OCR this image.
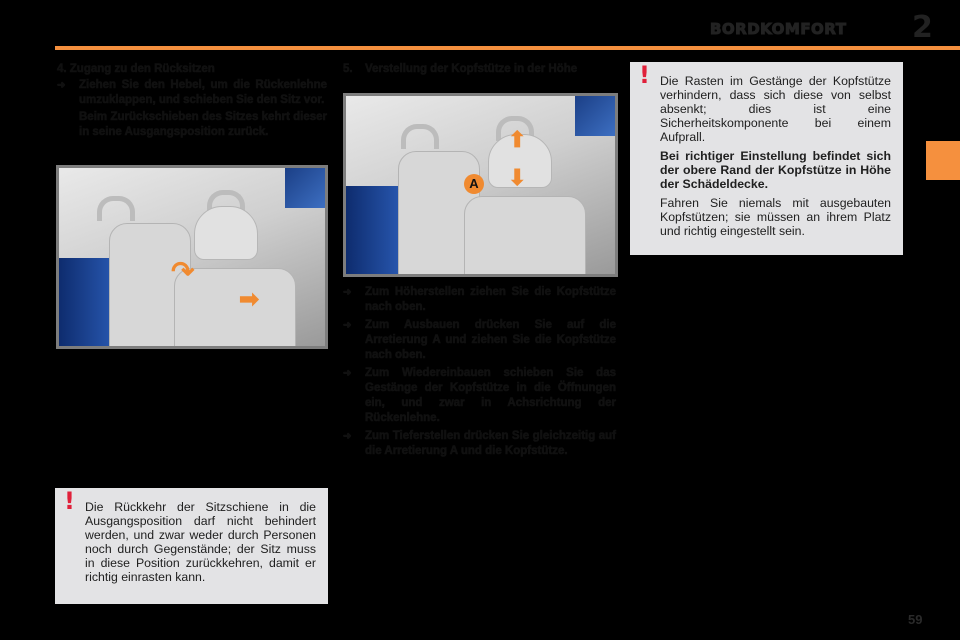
BORDKOMFORT 2
4. Zugang zu den Rücksitzen
➜ Ziehen Sie den Hebel, um die Rückenlehne umzuklappen, und schieben Sie den Sitz vor.
Beim Zurückschieben des Sitzes kehrt dieser in seine Ausgangsposition zurück.
↷
➡
5. Verstellung der Kopfstütze in der Höhe
⬆
⬇
A
➜ Zum Höherstellen ziehen Sie die Kopfstütze nach oben.
➜ Zum Ausbauen drücken Sie auf die Arretierung A und ziehen Sie die Kopfstütze nach oben.
➜ Zum Wiedereinbauen schieben Sie das Gestänge der Kopfstütze in die Öffnungen ein, und zwar in Achsrichtung der Rückenlehne.
➜ Zum Tieferstellen drücken Sie gleichzeitig auf die Arretierung A und die Kopfstütze.
! Die Rasten im Gestänge der Kopfstütze verhindern, dass sich diese von selbst absenkt; dies ist eine Sicherheitskomponente bei einem Aufprall.

Bei richtiger Einstellung befindet sich der obere Rand der Kopfstütze in Höhe der Schädeldecke.

Fahren Sie niemals mit ausgebauten Kopfstützen; sie müssen an ihrem Platz und richtig eingestellt sein.

! Die Rückkehr der Sitzschiene in die Ausgangsposition darf nicht behindert werden, und zwar weder durch Personen noch durch Gegenstände; der Sitz muss in diese Position zurückkehren, damit er richtig einrasten kann.

59
